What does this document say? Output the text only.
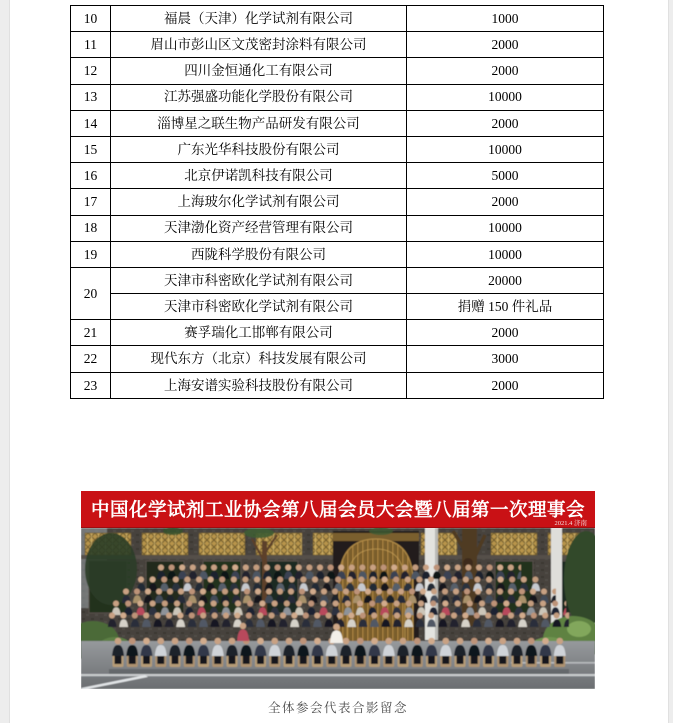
10	福晨（天津）化学试剂有限公司	1000
11	眉山市彭山区文茂密封涂料有限公司	2000
12	四川金恒通化工有限公司	2000
13	江苏强盛功能化学股份有限公司	10000
14	淄博星之联生物产品研发有限公司	2000
15	广东光华科技股份有限公司	10000
16	北京伊诺凯科技有限公司	5000
17	上海玻尔化学试剂有限公司	2000
18	天津渤化资产经营管理有限公司	10000
19	西陇科学股份有限公司	10000
20	天津市科密欧化学试剂有限公司	20000
	天津市科密欧化学试剂有限公司	捐赠 150 件礼品
21	赛孚瑞化工邯郸有限公司	2000
22	现代东方（北京）科技发展有限公司	3000
23	上海安谱实验科技股份有限公司	2000
中国化学试剂工业协会第八届会员大会暨八届第一次理事会
2021.4 济南
全体参会代表合影留念
